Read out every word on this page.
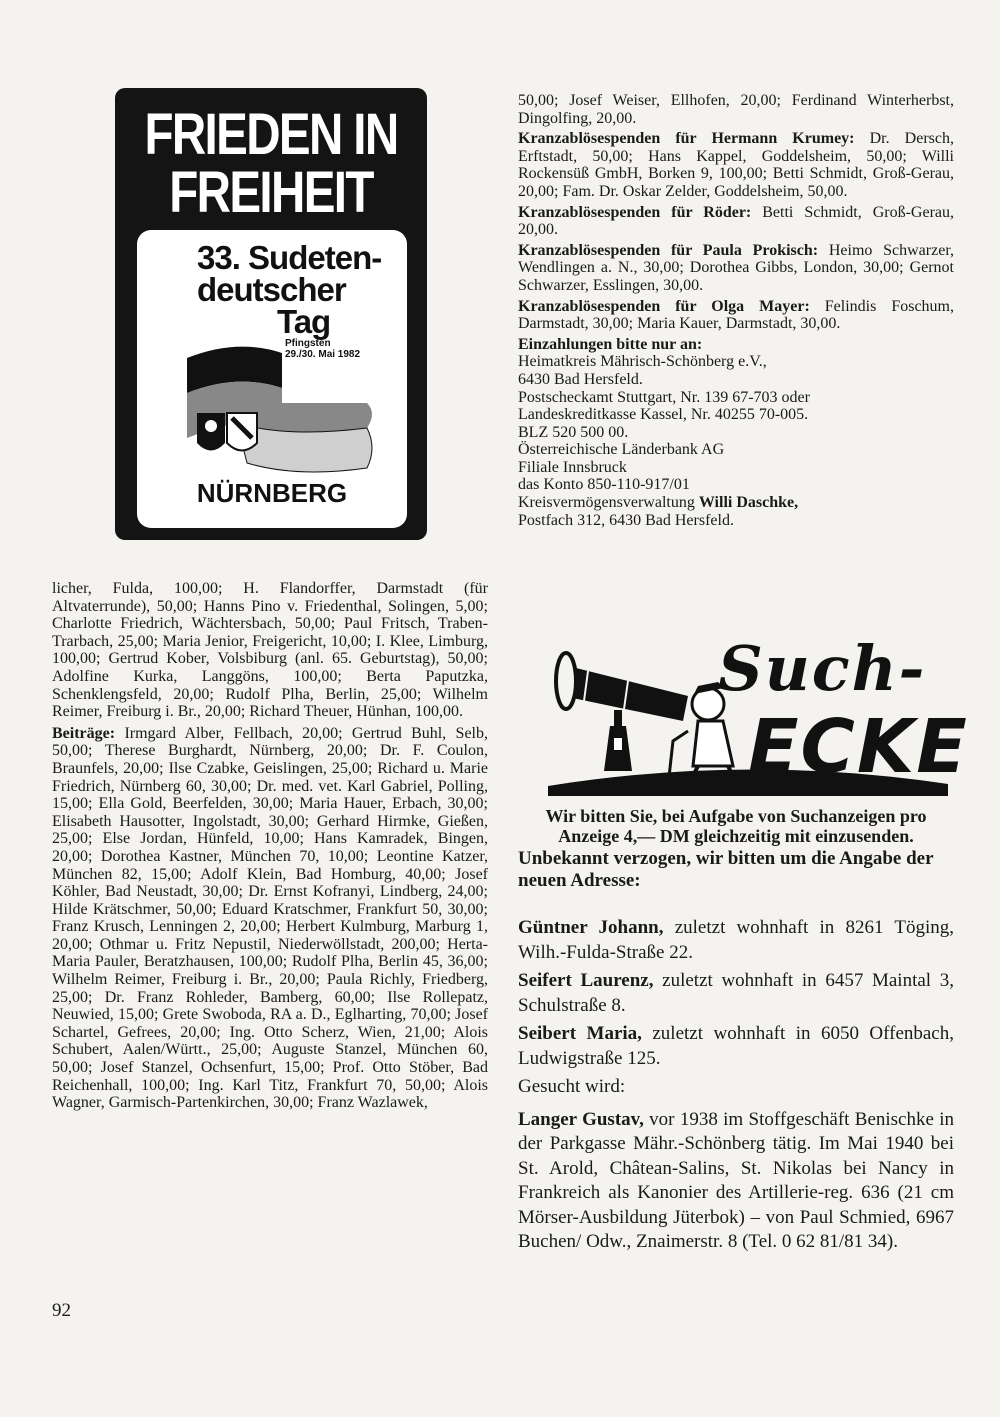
FRIEDEN IN
FREIHEIT
33. Sudeten-
deutscher
Tag
Pfingsten
29./30. Mai 1982
NÜRNBERG

licher, Fulda, 100,00; H. Flandorffer, Darmstadt (für Altvaterrunde), 50,00; Hanns Pino v. Friedenthal, Solingen, 5,00; Charlotte Friedrich, Wächtersbach, 50,00; Paul Fritsch, Traben-Trarbach, 25,00; Maria Jenior, Freigericht, 10,00; I. Klee, Limburg, 100,00; Gertrud Kober, Volsbiburg (anl. 65. Geburtstag), 50,00; Adolfine Kurka, Langgöns, 100,00; Berta Paputzka, Schenklengsfeld, 20,00; Rudolf Plha, Berlin, 25,00; Wilhelm Reimer, Freiburg i. Br., 20,00; Richard Theuer, Hünhan, 100,00.

Beiträge: Irmgard Alber, Fellbach, 20,00; Gertrud Buhl, Selb, 50,00; Therese Burghardt, Nürnberg, 20,00; Dr. F. Coulon, Braunfels, 20,00; Ilse Czabke, Geislingen, 25,00; Richard u. Marie Friedrich, Nürnberg 60, 30,00; Dr. med. vet. Karl Gabriel, Polling, 15,00; Ella Gold, Beerfelden, 30,00; Maria Hauer, Erbach, 30,00; Elisabeth Hausotter, Ingolstadt, 30,00; Gerhard Hirmke, Gießen, 25,00; Else Jordan, Hünfeld, 10,00; Hans Kamradek, Bingen, 20,00; Dorothea Kastner, München 70, 10,00; Leontine Katzer, München 82, 15,00; Adolf Klein, Bad Homburg, 40,00; Josef Köhler, Bad Neustadt, 30,00; Dr. Ernst Kofranyi, Lindberg, 24,00; Hilde Krätschmer, 50,00; Eduard Kratschmer, Frankfurt 50, 30,00; Franz Krusch, Lenningen 2, 20,00; Herbert Kulmburg, Marburg 1, 20,00; Othmar u. Fritz Nepustil, Niederwöllstadt, 200,00; Herta-Maria Pauler, Beratzhausen, 100,00; Rudolf Plha, Berlin 45, 36,00; Wilhelm Reimer, Freiburg i. Br., 20,00; Paula Richly, Friedberg, 25,00; Dr. Franz Rohleder, Bamberg, 60,00; Ilse Rollepatz, Neuwied, 15,00; Grete Swoboda, RA a. D., Eglharting, 70,00; Josef Schartel, Gefrees, 20,00; Ing. Otto Scherz, Wien, 21,00; Alois Schubert, Aalen/Württ., 25,00; Auguste Stanzel, München 60, 50,00; Josef Stanzel, Ochsenfurt, 15,00; Prof. Otto Stöber, Bad Reichenhall, 100,00; Ing. Karl Titz, Frankfurt 70, 50,00; Alois Wagner, Garmisch-Partenkirchen, 30,00; Franz Wazlawek,

50,00; Josef Weiser, Ellhofen, 20,00; Ferdinand Winterherbst, Dingolfing, 20,00.

Kranzablösespenden für Hermann Krumey: Dr. Dersch, Erftstadt, 50,00; Hans Kappel, Goddelsheim, 50,00; Willi Rockensüß GmbH, Borken 9, 100,00; Betti Schmidt, Groß-Gerau, 20,00; Fam. Dr. Oskar Zelder, Goddelsheim, 50,00.

Kranzablösespenden für Röder: Betti Schmidt, Groß-Gerau, 20,00.

Kranzablösespenden für Paula Prokisch: Heimo Schwarzer, Wendlingen a. N., 30,00; Dorothea Gibbs, London, 30,00; Gernot Schwarzer, Esslingen, 30,00.

Kranzablösespenden für Olga Mayer: Felindis Foschum, Darmstadt, 30,00; Maria Kauer, Darmstadt, 30,00.

Einzahlungen bitte nur an:
Heimatkreis Mährisch-Schönberg e.V.,
6430 Bad Hersfeld.
Postscheckamt Stuttgart, Nr. 139 67-703 oder
Landeskreditkasse Kassel, Nr. 40255 70-005.
BLZ 520 500 00.
Österreichische Länderbank AG
Filiale Innsbruck
das Konto 850-110-917/01
Kreisvermögensverwaltung Willi Daschke,
Postfach 312, 6430 Bad Hersfeld.

Such-
ECKE

Wir bitten Sie, bei Aufgabe von Suchanzeigen pro Anzeige 4,— DM gleichzeitig mit einzusenden.

Unbekannt verzogen, wir bitten um die Angabe der neuen Adresse:

Güntner Johann, zuletzt wohnhaft in 8261 Töging, Wilh.-Fulda-Straße 22.

Seifert Laurenz, zuletzt wohnhaft in 6457 Maintal 3, Schulstraße 8.

Seibert Maria, zuletzt wohnhaft in 6050 Offenbach, Ludwigstraße 125.

Gesucht wird:

Langer Gustav, vor 1938 im Stoffgeschäft Benischke in der Parkgasse Mähr.-Schönberg tätig. Im Mai 1940 bei St. Arold, Châtean-Salins, St. Nikolas bei Nancy in Frankreich als Kanonier des Artillerie-reg. 636 (21 cm Mörser-Ausbildung Jüterbok) – von Paul Schmied, 6967 Buchen/ Odw., Znaimerstr. 8 (Tel. 0 62 81/81 34).

92
